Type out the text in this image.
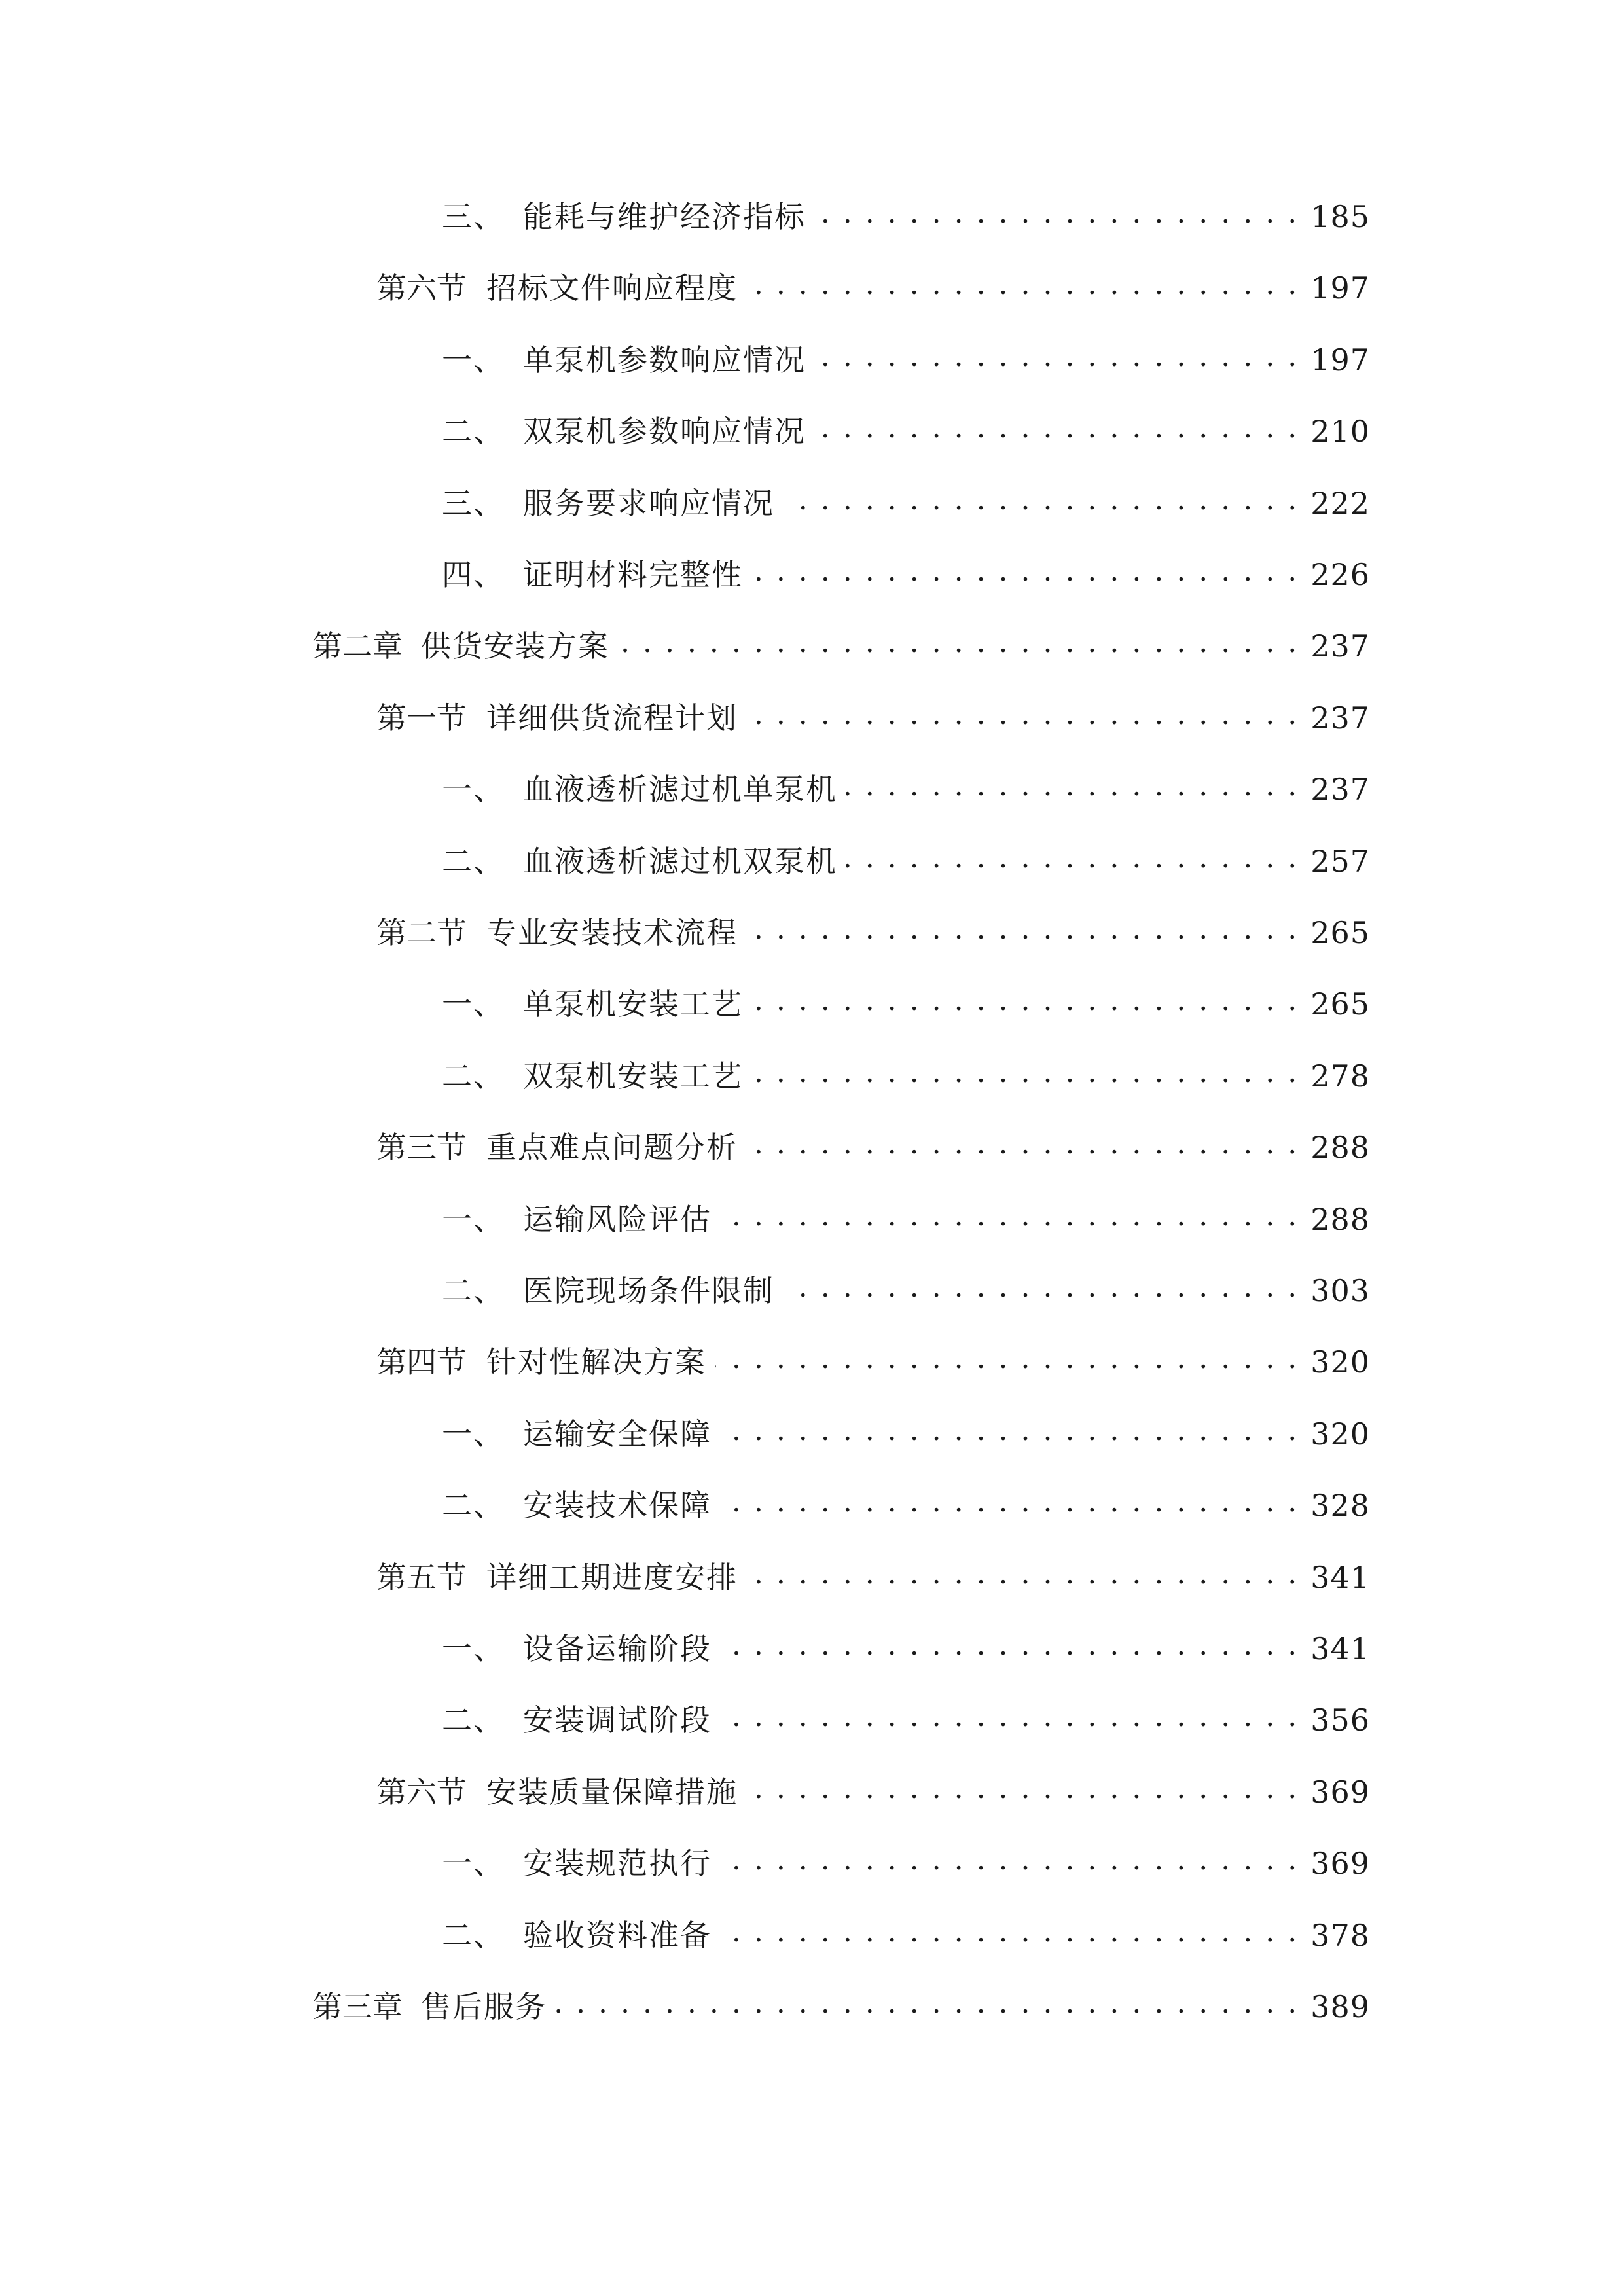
三、 能耗与维护经济指标 . . .	185
第六节 招标文件响应程度 . . .	197
一、 单泵机参数响应情况 . . .	197
二、 双泵机参数响应情况 . . .	210
三、 服务要求响应情况 . . .	222
四、 证明材料完整性 . . .	226
第二章 供货安装方案 . . .	237
第一节 详细供货流程计划 . . .	237
一、 血液透析滤过机单泵机 . . .	237
二、 血液透析滤过机双泵机 . . .	257
第二节 专业安装技术流程 . . .	265
一、 单泵机安装工艺 . . .	265
二、 双泵机安装工艺 . . .	278
第三节 重点难点问题分析 . . .	288
一、 运输风险评估 . . .	288
二、 医院现场条件限制 . . .	303
第四节 针对性解决方案 . . .	320
一、 运输安全保障 . . .	320
二、 安装技术保障 . . .	328
第五节 详细工期进度安排 . . .	341
一、 设备运输阶段 . . .	341
二、 安装调试阶段 . . .	356
第六节 安装质量保障措施 . . .	369
一、 安装规范执行 . . .	369
二、 验收资料准备 . . .	378
第三章 售后服务 . . .	389
